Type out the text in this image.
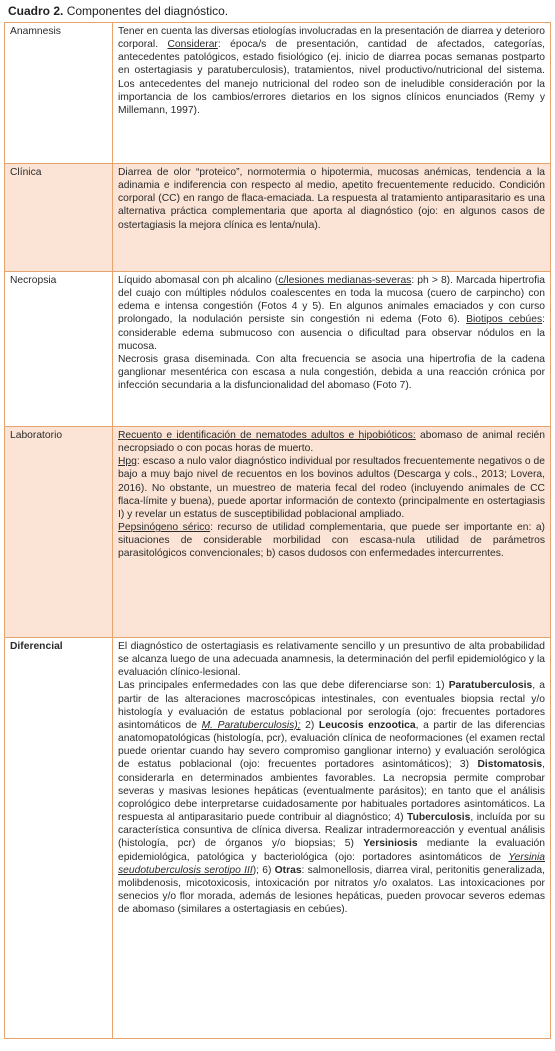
Cuadro 2. Componentes del diagnóstico.
Anamnesis	Tener en cuenta las diversas etiologías involucradas en la presentación de diarrea y deterioro corporal. Considerar: época/s de presentación, cantidad de afectados, categorías, antecedentes patológicos, estado fisiológico (ej. inicio de diarrea pocas semanas postparto en ostertagiasis y paratuberculosis), tratamientos, nivel productivo/nutricional del sistema. Los antecedentes del manejo nutricional del rodeo son de ineludible consideración por la importancia de los cambios/errores dietarios en los signos clínicos enunciados (Remy y Millemann, 1997).
Clínica	Diarrea de olor “proteico”, normotermia o hipotermia, mucosas anémicas, tendencia a la adinamia e indiferencia con respecto al medio, apetito frecuentemente reducido. Condición corporal (CC) en rango de flaca-emaciada. La respuesta al tratamiento antiparasitario es una alternativa práctica complementaria que aporta al diagnóstico (ojo: en algunos casos de ostertagiasis la mejora clínica es lenta/nula).
Necropsia	Líquido abomasal con ph alcalino (c/lesiones medianas-severas: ph > 8). Marcada hipertrofia del cuajo con múltiples nódulos coalescentes en toda la mucosa (cuero de carpincho) con edema e intensa congestión (Fotos 4 y 5). En algunos animales emaciados y con curso prolongado, la nodulación persiste sin congestión ni edema (Foto 6). Biotipos cebúes: considerable edema submucoso con ausencia o dificultad para observar nódulos en la mucosa.

Necrosis grasa diseminada. Con alta frecuencia se asocia una hipertrofia de la cadena ganglionar mesentérica con escasa a nula congestión, debida a una reacción crónica por infección secundaria a la disfuncionalidad del abomaso (Foto 7).

Laboratorio	Recuento e identificación de nematodes adultos e hipobióticos: abomaso de animal recién necropsiado o con pocas horas de muerto.

Hpg: escaso a nulo valor diagnóstico individual por resultados frecuentemente negativos o de bajo a muy bajo nivel de recuentos en los bovinos adultos (Descarga y cols., 2013; Lovera, 2016). No obstante, un muestreo de materia fecal del rodeo (incluyendo animales de CC flaca-límite y buena), puede aportar información de contexto (principalmente en ostertagiasis I) y revelar un estatus de susceptibilidad poblacional ampliado.

Pepsinógeno sérico: recurso de utilidad complementaria, que puede ser importante en: a) situaciones de considerable morbilidad con escasa-nula utilidad de parámetros parasitológicos convencionales; b) casos dudosos con enfermedades intercurrentes.

Diferencial	El diagnóstico de ostertagiasis es relativamente sencillo y un presuntivo de alta probabilidad se alcanza luego de una adecuada anamnesis, la determinación del perfil epidemiológico y la evaluación clínico-lesional.

Las principales enfermedades con las que debe diferenciarse son: 1) Paratuberculosis, a partir de las alteraciones macroscópicas intestinales, con eventuales biopsia rectal y/o histología y evaluación de estatus poblacional por serología (ojo: frecuentes portadores asintomáticos de M. Paratuberculosis); 2) Leucosis enzootica, a partir de las diferencias anatomopatológicas (histología, pcr), evaluación clínica de neoformaciones (el examen rectal puede orientar cuando hay severo compromiso ganglionar interno) y evaluación serológica de estatus poblacional (ojo: frecuentes portadores asintomáticos); 3) Distomatosis, considerarla en determinados ambientes favorables. La necropsia permite comprobar severas y masivas lesiones hepáticas (eventualmente parásitos); en tanto que el análisis coprológico debe interpretarse cuidadosamente por habituales portadores asintomáticos. La respuesta al antiparasitario puede contribuir al diagnóstico; 4) Tuberculosis, incluída por su característica consuntiva de clínica diversa. Realizar intradermoreacción y eventual análisis (histología, pcr) de órganos y/o biopsias; 5) Yersiniosis mediante la evaluación epidemiológica, patológica y bacteriológica (ojo: portadores asintomáticos de Yersinia seudotuberculosis serotipo III); 6) Otras: salmonellosis, diarrea viral, peritonitis generalizada, molibdenosis, micotoxicosis, intoxicación por nitratos y/o oxalatos. Las intoxicaciones por senecios y/o flor morada, además de lesiones hepáticas, pueden provocar severos edemas de abomaso (similares a ostertagiasis en cebúes).
